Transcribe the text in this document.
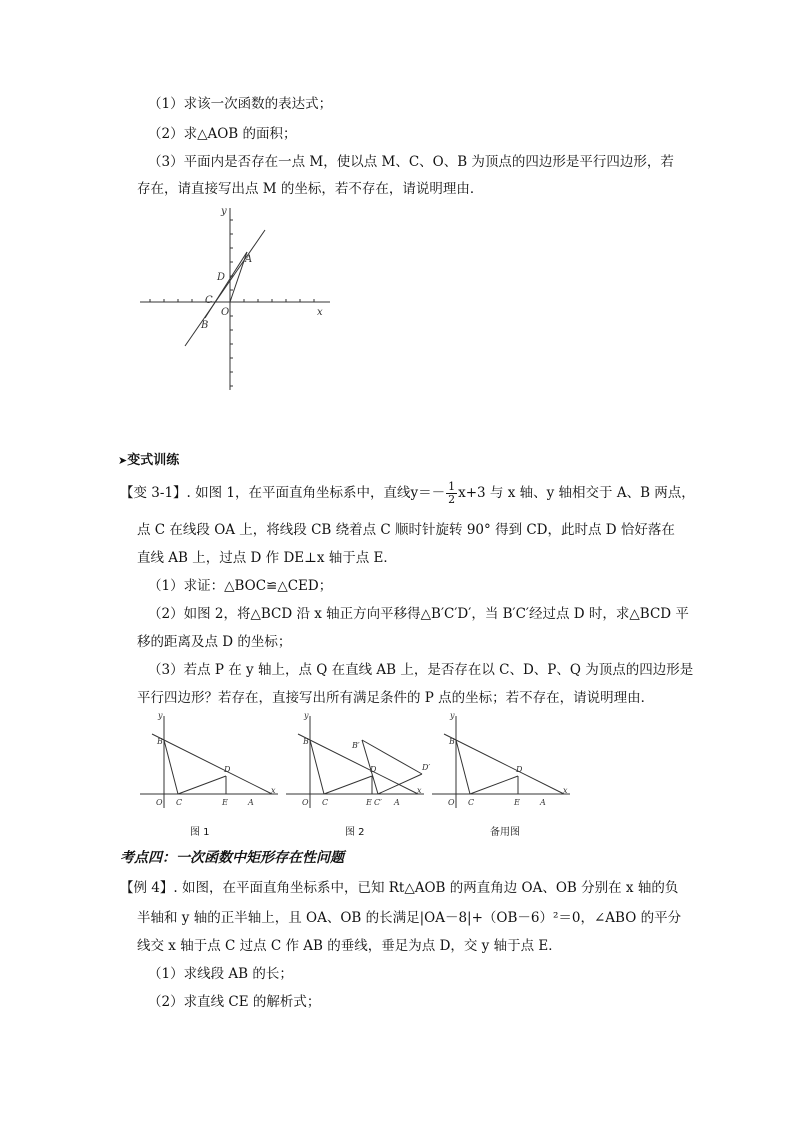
（1）求该一次函数的表达式；
（2）求△AOB 的面积；
（3）平面内是否存在一点 M，使以点 M、C、O、B 为顶点的四边形是平行四边形，若
存在，请直接写出点 M 的坐标，若不存在，请说明理由．
y
x
A
D
C
O
B
➤变式训练
【变 3-1】. 如图 1，在平面直角坐标系中，直线$y=- \frac{1}{2} x+3$ 与 x 轴、y 轴相交于 A、B 两点，
点 C 在线段 OA 上，将线段 CB 绕着点 C 顺时针旋转 90° 得到 CD，此时点 D 恰好落在
直线 AB 上，过点 D 作 DE⊥x 轴于点 E．
（1）求证：△BOC≌△CED；
（2）如图 2，将△BCD 沿 x 轴正方向平移得△B′C′D′，当 B′C′经过点 D 时，求△BCD 平
移的距离及点 D 的坐标；
（3）若点 P 在 y 轴上，点 Q 在直线 AB 上，是否存在以 C、D、P、Q 为顶点的四边形是
平行四边形？若存在，直接写出所有满足条件的 P 点的坐标；若不存在，请说明理由．
y
x
B
D
O C	E	A
图 1
y
x
B	B′
D′
D
O C	E C′ A
图 2
y
x
B
D
O C	E	A
备用图
考点四：一次函数中矩形存在性问题
【例 4】. 如图，在平面直角坐标系中，已知 Rt△AOB 的两直角边 OA、OB 分别在 x 轴的负
半轴和 y 轴的正半轴上，且 OA、OB 的长满足|OA－8|+（OB－6）²＝0，∠ABO 的平分
线交 x 轴于点 C 过点 C 作 AB 的垂线，垂足为点 D，交 y 轴于点 E．
（1）求线段 AB 的长；
（2）求直线 CE 的解析式；
